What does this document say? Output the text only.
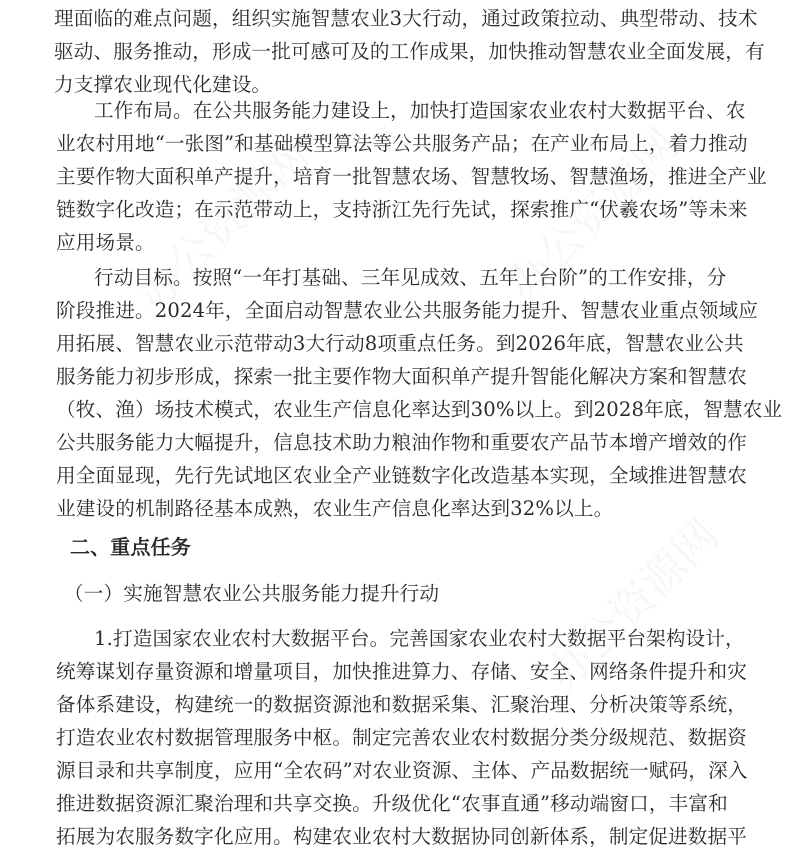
理面临的难点问题，组织实施智慧农业3大行动，通过政策拉动、典型带动、技术
驱动、服务推动，形成一批可感可及的工作成果，加快推动智慧农业全面发展，有
力支撑农业现代化建设。
工作布局。在公共服务能力建设上，加快打造国家农业农村大数据平台、农
业农村用地“一张图”和基础模型算法等公共服务产品；在产业布局上，着力推动
主要作物大面积单产提升，培育一批智慧农场、智慧牧场、智慧渔场，推进全产业
链数字化改造；在示范带动上，支持浙江先行先试，探索推广“伏羲农场”等未来
应用场景。
行动目标。按照“一年打基础、三年见成效、五年上台阶”的工作安排，分
阶段推进。2024年，全面启动智慧农业公共服务能力提升、智慧农业重点领域应
用拓展、智慧农业示范带动3大行动8项重点任务。到2026年底，智慧农业公共
服务能力初步形成，探索一批主要作物大面积单产提升智能化解决方案和智慧农
（牧、渔）场技术模式，农业生产信息化率达到30%以上。到2028年底，智慧农业
公共服务能力大幅提升，信息技术助力粮油作物和重要农产品节本增产增效的作
用全面显现，先行先试地区农业全产业链数字化改造基本实现，全域推进智慧农
业建设的机制路径基本成熟，农业生产信息化率达到32%以上。
二、重点任务
（一）实施智慧农业公共服务能力提升行动
1.打造国家农业农村大数据平台。完善国家农业农村大数据平台架构设计，
统筹谋划存量资源和增量项目，加快推进算力、存储、安全、网络条件提升和灾
备体系建设，构建统一的数据资源池和数据采集、汇聚治理、分析决策等系统，
打造农业农村数据管理服务中枢。制定完善农业农村数据分类分级规范、数据资
源目录和共享制度，应用“全农码”对农业资源、主体、产品数据统一赋码，深入
推进数据资源汇聚治理和共享交换。升级优化“农事直通”移动端窗口，丰富和
拓展为农服务数字化应用。构建农业农村大数据协同创新体系，制定促进数据平
